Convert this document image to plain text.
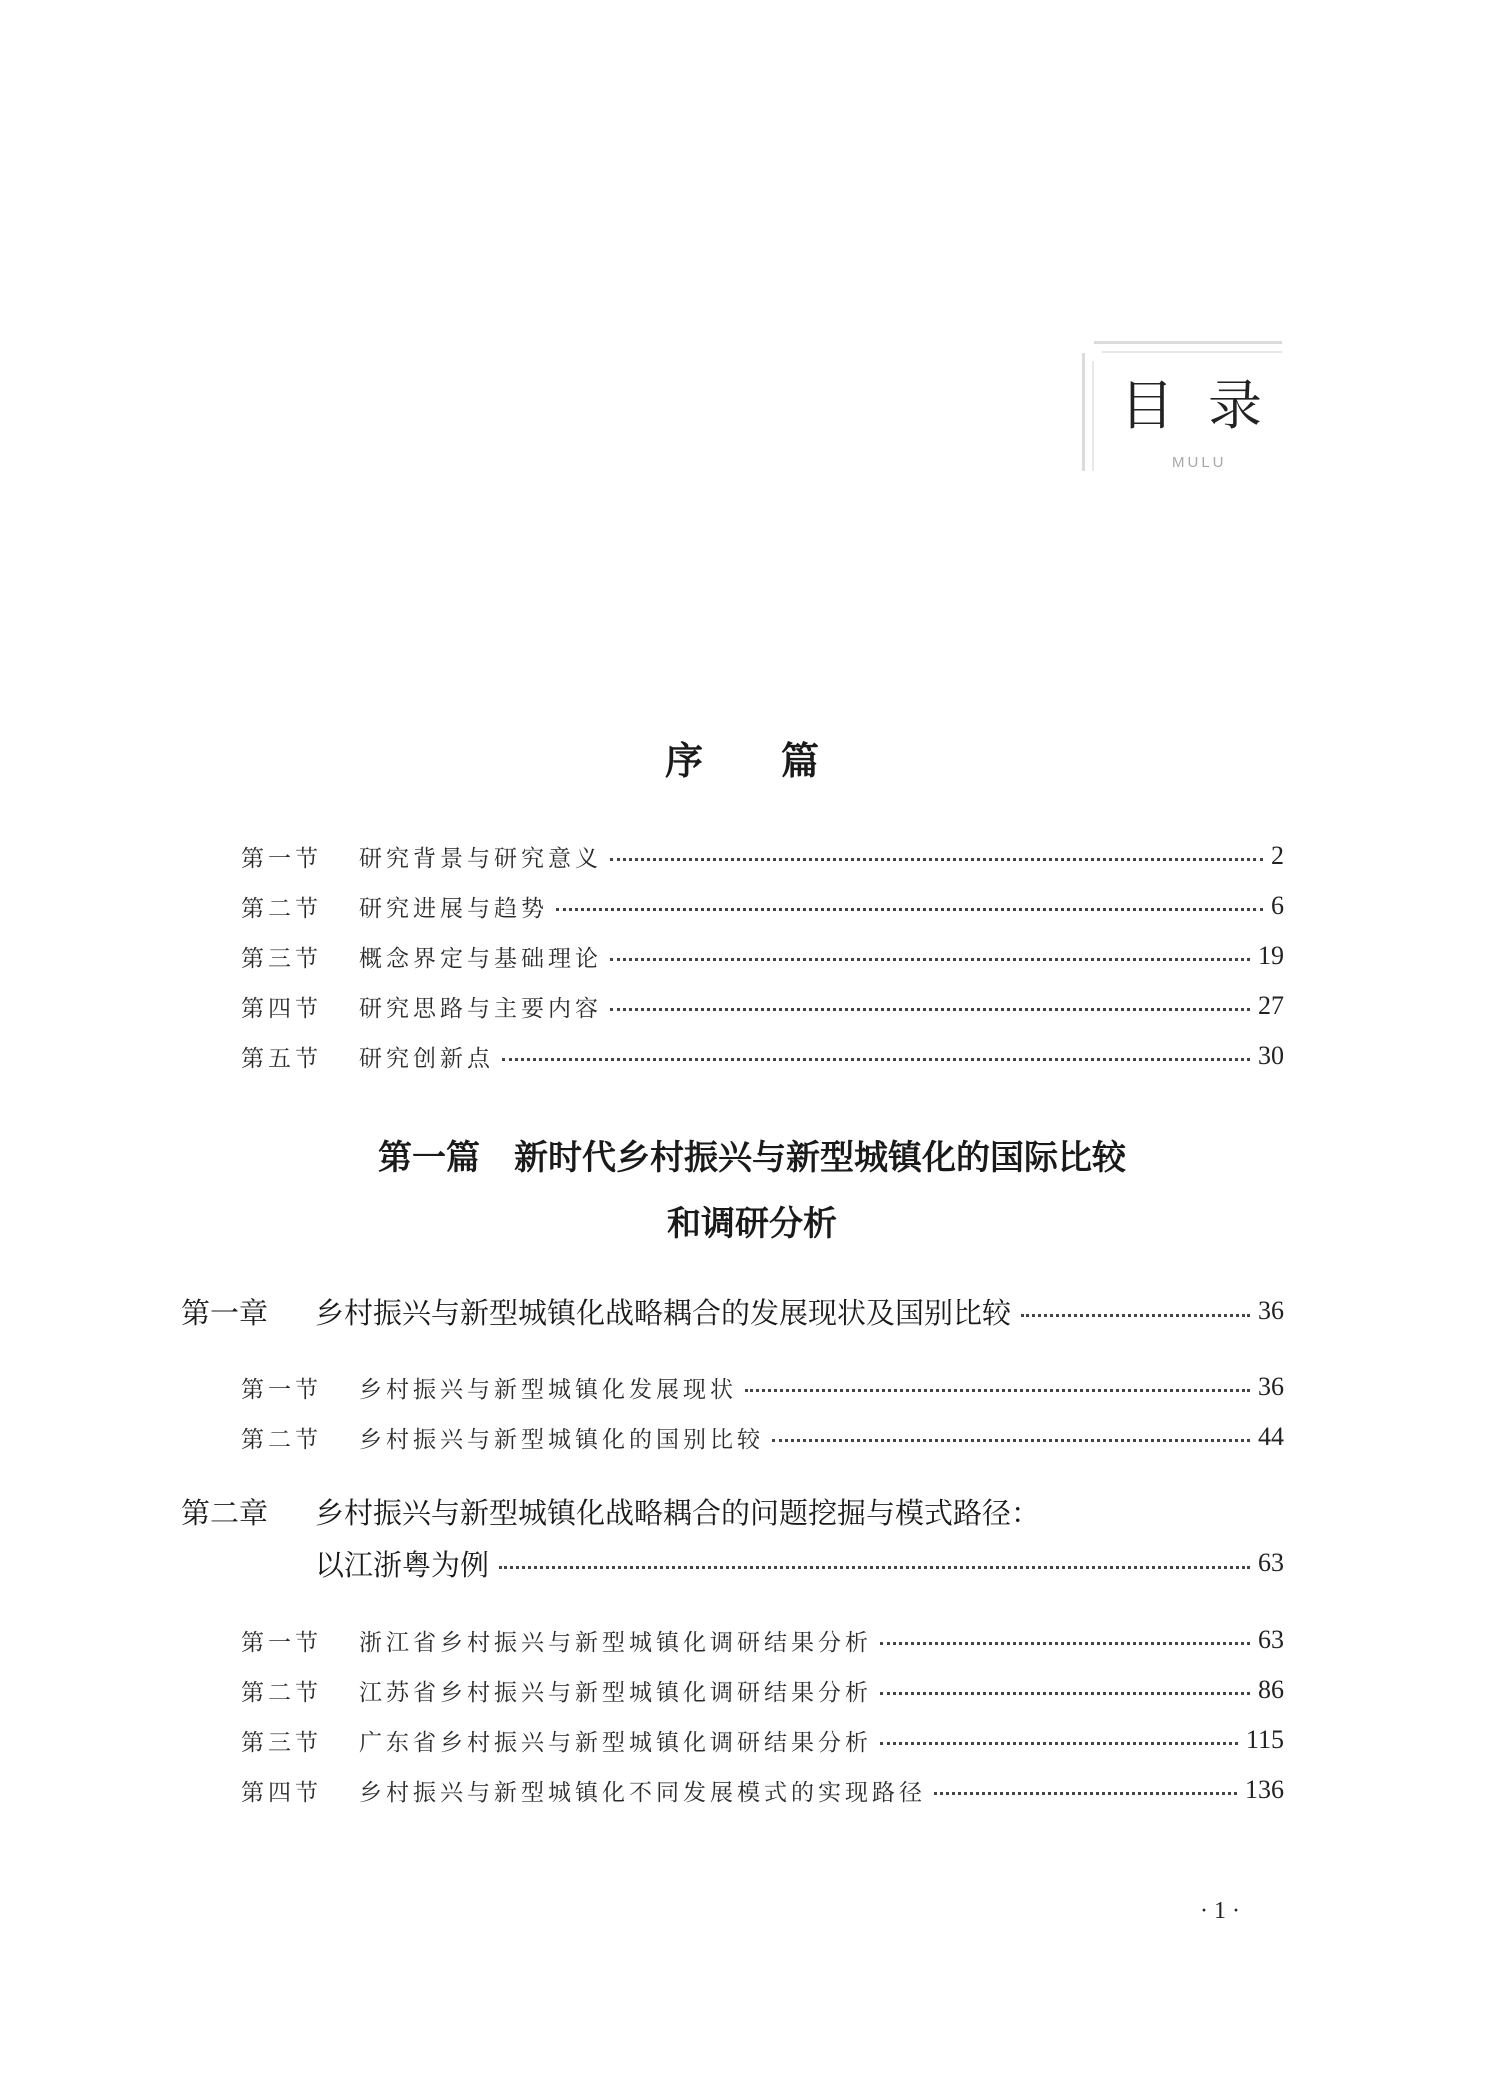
目录
MULU
序　篇
第一节	研究背景与研究意义	2
第二节	研究进展与趋势	6
第三节	概念界定与基础理论	19
第四节	研究思路与主要内容	27
第五节	研究创新点	30
第一篇　新时代乡村振兴与新型城镇化的国际比较
和调研分析
第一章	乡村振兴与新型城镇化战略耦合的发展现状及国别比较	36
第一节	乡村振兴与新型城镇化发展现状	36
第二节	乡村振兴与新型城镇化的国别比较	44
第二章	乡村振兴与新型城镇化战略耦合的问题挖掘与模式路径：
以江浙粤为例	63
第一节	浙江省乡村振兴与新型城镇化调研结果分析	63
第二节	江苏省乡村振兴与新型城镇化调研结果分析	86
第三节	广东省乡村振兴与新型城镇化调研结果分析	115
第四节	乡村振兴与新型城镇化不同发展模式的实现路径	136
· 1 ·
